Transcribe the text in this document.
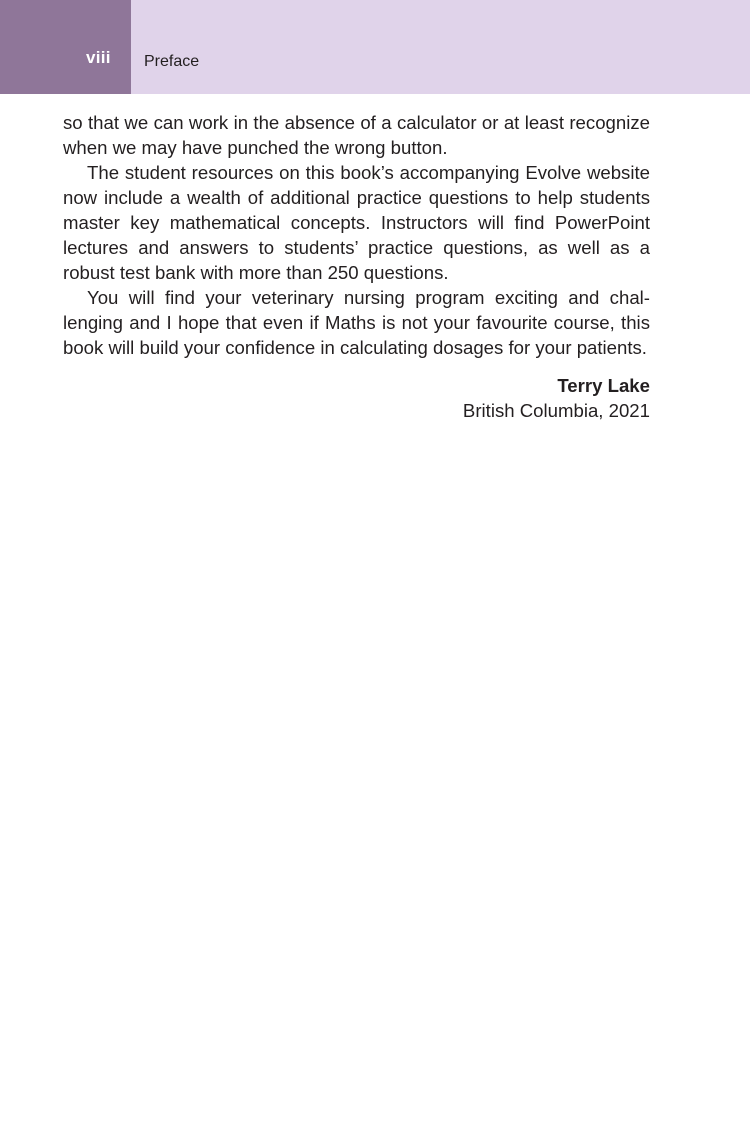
viii Preface

so that we can work in the absence of a calculator or at least recognize when we may have punched the wrong button.

The student resources on this book’s accompanying Evolve website now include a wealth of additional practice questions to help students master key mathematical concepts. Instructors will find PowerPoint lectures and answers to students’ practice questions, as well as a robust test bank with more than 250 questions.

You will find your veterinary nursing program exciting and challenging and I hope that even if Maths is not your favourite course, this book will build your confidence in calculating dosages for your patients.

Terry Lake
British Columbia, 2021
